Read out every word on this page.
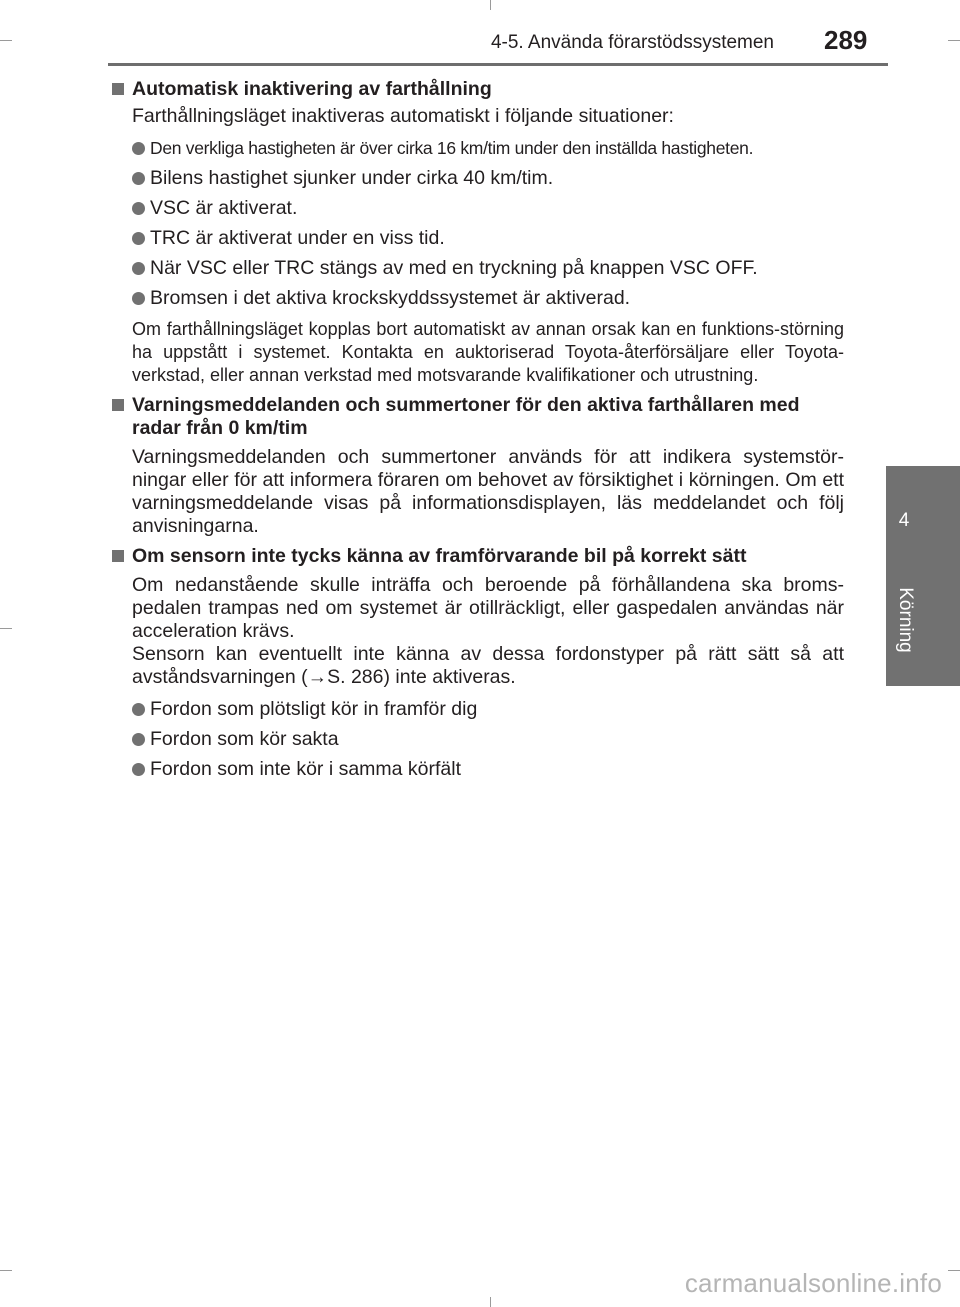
4-5. Använda förarstödssystemen 289
4
Körning
Automatisk inaktivering av farthållning
Farthållningsläget inaktiveras automatiskt i följande situationer:
Den verkliga hastigheten är över cirka 16 km/tim under den inställda hastigheten.
Bilens hastighet sjunker under cirka 40 km/tim.
VSC är aktiverat.
TRC är aktiverat under en viss tid.
När VSC eller TRC stängs av med en tryckning på knappen VSC OFF.
Bromsen i det aktiva krockskyddssystemet är aktiverad.
Om farthållningsläget kopplas bort automatiskt av annan orsak kan en funktions-störning ha uppstått i systemet. Kontakta en auktoriserad Toyota-återförsäljare eller Toyota-verkstad, eller annan verkstad med motsvarande kvalifikationer och utrustning.
Varningsmeddelanden och summertoner för den aktiva farthållaren med radar från 0 km/tim
Varningsmeddelanden och summertoner används för att indikera systemstör-ningar eller för att informera föraren om behovet av försiktighet i körningen. Om ett varningsmeddelande visas på informationsdisplayen, läs meddelandet och följ anvisningarna.
Om sensorn inte tycks känna av framförvarande bil på korrekt sätt
Om nedanstående skulle inträffa och beroende på förhållandena ska broms-pedalen trampas ned om systemet är otillräckligt, eller gaspedalen användas när acceleration krävs.
Sensorn kan eventuellt inte känna av dessa fordonstyper på rätt sätt så att avståndsvarningen (→S. 286) inte aktiveras.
Fordon som plötsligt kör in framför dig
Fordon som kör sakta
Fordon som inte kör i samma körfält
carmanualsonline.info
